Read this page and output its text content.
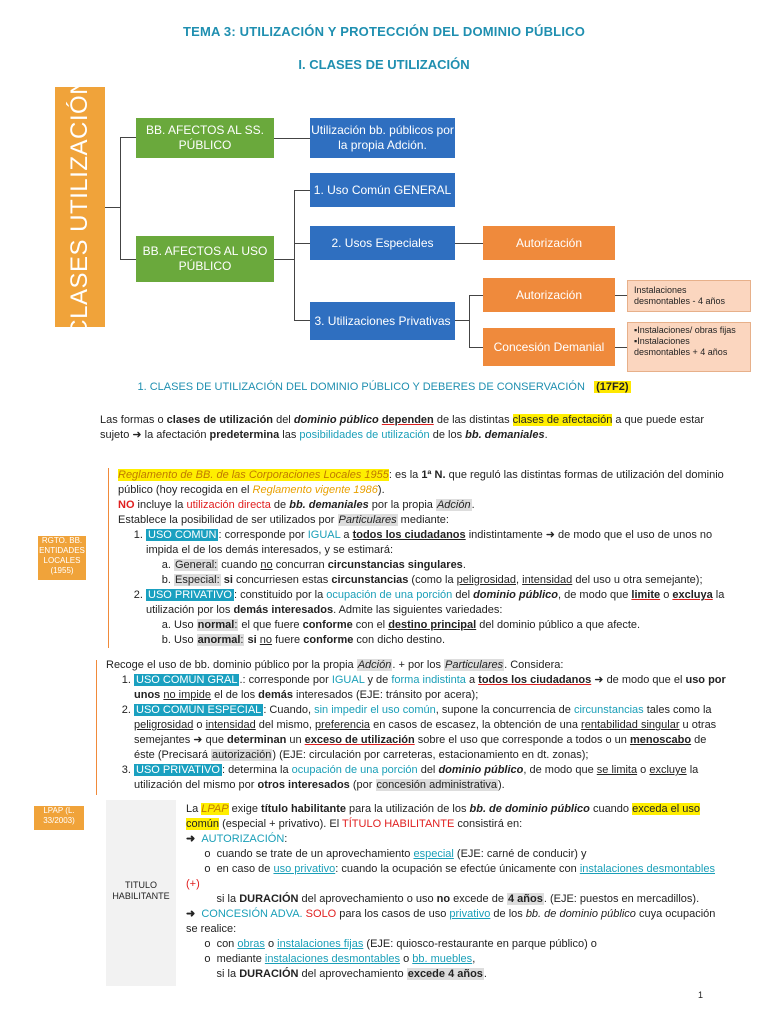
TEMA 3: UTILIZACIÓN Y PROTECCIÓN DEL DOMINIO PÚBLICO
I. CLASES DE UTILIZACIÓN
CLASES UTILIZACIÓN	BB. AFECTOS AL SS. PÚBLICO
BB. AFECTOS AL USO PÚBLICO
Utilización bb. públicos por la propia Adción.
1. Uso Común GENERAL
2. Usos Especiales
3. Utilizaciones Privativas
Autorización
Autorización
Concesión Demanial
Instalaciones desmontables - 4 años
▪Instalaciones/ obras fijas
▪Instalaciones desmontables + 4 años
1. CLASES DE UTILIZACIÓN DEL DOMINIO PÚBLICO Y DEBERES DE CONSERVACIÓN (17F2)
Las formas o clases de utilización del dominio público dependen de las distintas clases de afectación a que puede estar sujeto ➜ la afectación predetermina las posibilidades de utilización de los bb. demaniales.
RGTO. BB. ENTIDADES LOCALES (1955)
Reglamento de BB. de las Corporaciones Locales 1955: es la 1ª N. que reguló las distintas formas de utilización del dominio público (hoy recogida en el Reglamento vigente 1986).
NO incluye la utilización directa de bb. demaniales por la propia Adción.
Establece la posibilidad de ser utilizados por Particulares mediante:
1. USO COMÚN : corresponde por IGUAL a todos los ciudadanos indistintamente ➜ de modo que el uso de unos no impida el de los demás interesados, y se estimará:
a. General: cuando no concurran circunstancias singulares.
b. Especial: si concurriesen estas circunstancias (como la peligrosidad, intensidad del uso u otra semejante);
2. USO PRIVATIVO : constituido por la ocupación de una porción del dominio público, de modo que limite o excluya la utilización por los demás interesados. Admite las siguientes variedades:
a. Uso normal: el que fuere conforme con el destino principal del dominio público a que afecte.
b. Uso anormal: si no fuere conforme con dicho destino.
Recoge el uso de bb. dominio público por la propia Adción. + por los Particulares. Considera:
1. USO COMÚN GRAL .: corresponde por IGUAL y de forma indistinta a todos los ciudadanos ➜ de modo que el uso por unos no impide el de los demás interesados (EJE: tránsito por acera);
2. USO COMÚN ESPECIAL : Cuando, sin impedir el uso común, supone la concurrencia de circunstancias tales como la peligrosidad o intensidad del mismo, preferencia en casos de escasez, la obtención de una rentabilidad singular u otras semejantes ➜ que determinan un exceso de utilización sobre el uso que corresponde a todos o un menoscabo de éste (Precisará autorización) (EJE: circulación por carreteras, estacionamiento en dt. zonas);
3. USO PRIVATIVO : determina la ocupación de una porción del dominio público, de modo que se limita o excluye la utilización del mismo por otros interesados (por concesión administrativa).
LPAP (L. 33/2003)
TITULO HABILITANTE
La LPAP exige título habilitante para la utilización de los bb. de dominio público cuando exceda el uso común (especial + privativo). El TÍTULO HABILITANTE consistirá en:
➜ AUTORIZACIÓN:
o  cuando se trate de un aprovechamiento especial (EJE: carné de conducir) y
o  en caso de uso privativo: cuando la ocupación se efectúe únicamente con instalaciones desmontables (+)
si la DURACIÓN del aprovechamiento o uso no excede de 4 años. (EJE: puestos en mercadillos).
➜ CONCESIÓN ADVA. SOLO para los casos de uso privativo de los bb. de dominio público cuya ocupación se realice:
o  con obras o instalaciones fijas (EJE: quiosco-restaurante en parque público) o
o  mediante instalaciones desmontables o bb. muebles,
si la DURACIÓN del aprovechamiento excede 4 años.
1
